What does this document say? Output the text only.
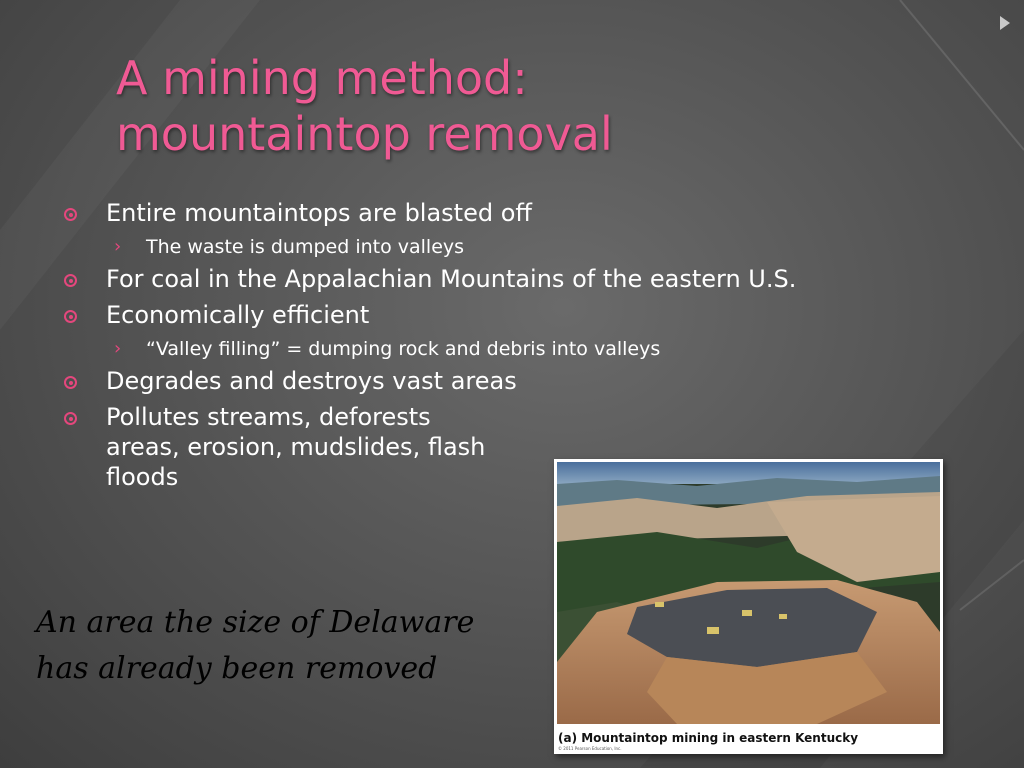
A mining method:
mountaintop removal
Entire mountaintops are blasted off
› The waste is dumped into valleys
For coal in the Appalachian Mountains of the eastern U.S.
Economically efficient
› “Valley filling” = dumping rock and debris into valleys
Degrades and destroys vast areas
Pollutes streams, deforests areas, erosion, mudslides, flash floods
An area the size of Delaware
has already been removed
(a) Mountaintop mining in eastern Kentucky
© 2011 Pearson Education, Inc.
